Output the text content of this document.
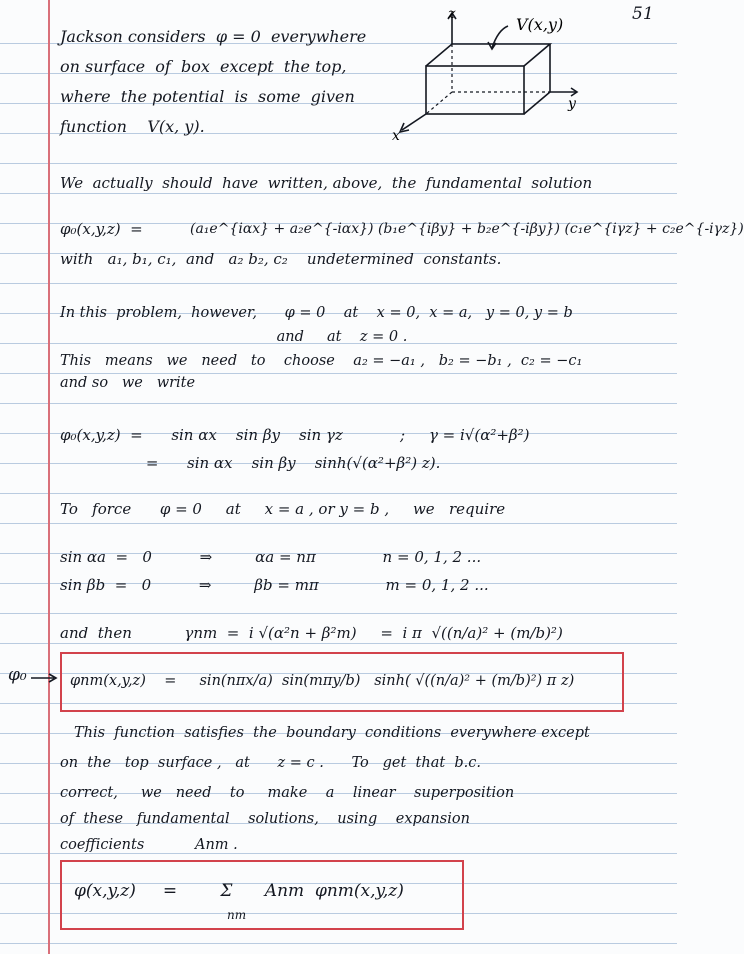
51
Jackson considers  φ = 0  everywhere
on surface  of  box  except  the top,
where  the potential  is  some  given
function    V(x, y).
z
V(x,y)
y
x
We  actually  should  have  written, above,  the  fundamental  solution
φ₀(x,y,z)  =	(a₁e^{iαx} + a₂e^{-iαx}) (b₁e^{iβy} + b₂e^{-iβy}) (c₁e^{iγz} + c₂e^{-iγz})
with   a₁, b₁, c₁,  and   a₂ b₂, c₂    undetermined  constants.
In this  problem,  however,      φ = 0    at    x = 0,  x = a,   y = 0, y = b
and     at    z = 0 .
This   means   we   need   to    choose    a₂ = −a₁ ,   b₂ = −b₁ ,  c₂ = −c₁
and so   we   write
φ₀(x,y,z)  =      sin αx    sin βy    sin γz            ;     γ = i√(α²+β²)
=      sin αx    sin βy    sinh(√(α²+β²) z).
To   force      φ = 0     at     x = a , or y = b ,     we   require
sin αa  =   0          ⇒         αa = nπ              n = 0, 1, 2 ...
sin βb  =   0          ⇒         βb = mπ              m = 0, 1, 2 ...
and  then           γnm  =  i √(α²n + β²m)     =  i π  √((n/a)² + (m/b)²)
φ₀	φnm(x,y,z)    =     sin(nπx/a)  sin(mπy/b)   sinh( √((n/a)² + (m/b)²) π z)
This  function  satisfies  the  boundary  conditions  everywhere except
on  the   top  surface ,   at      z = c .      To   get  that  b.c.
correct,     we   need    to     make    a    linear    superposition
of  these   fundamental    solutions,    using    expansion
coefficients           Anm .
φ(x,y,z)     =        Σ      Anm  φnm(x,y,z)
nm
